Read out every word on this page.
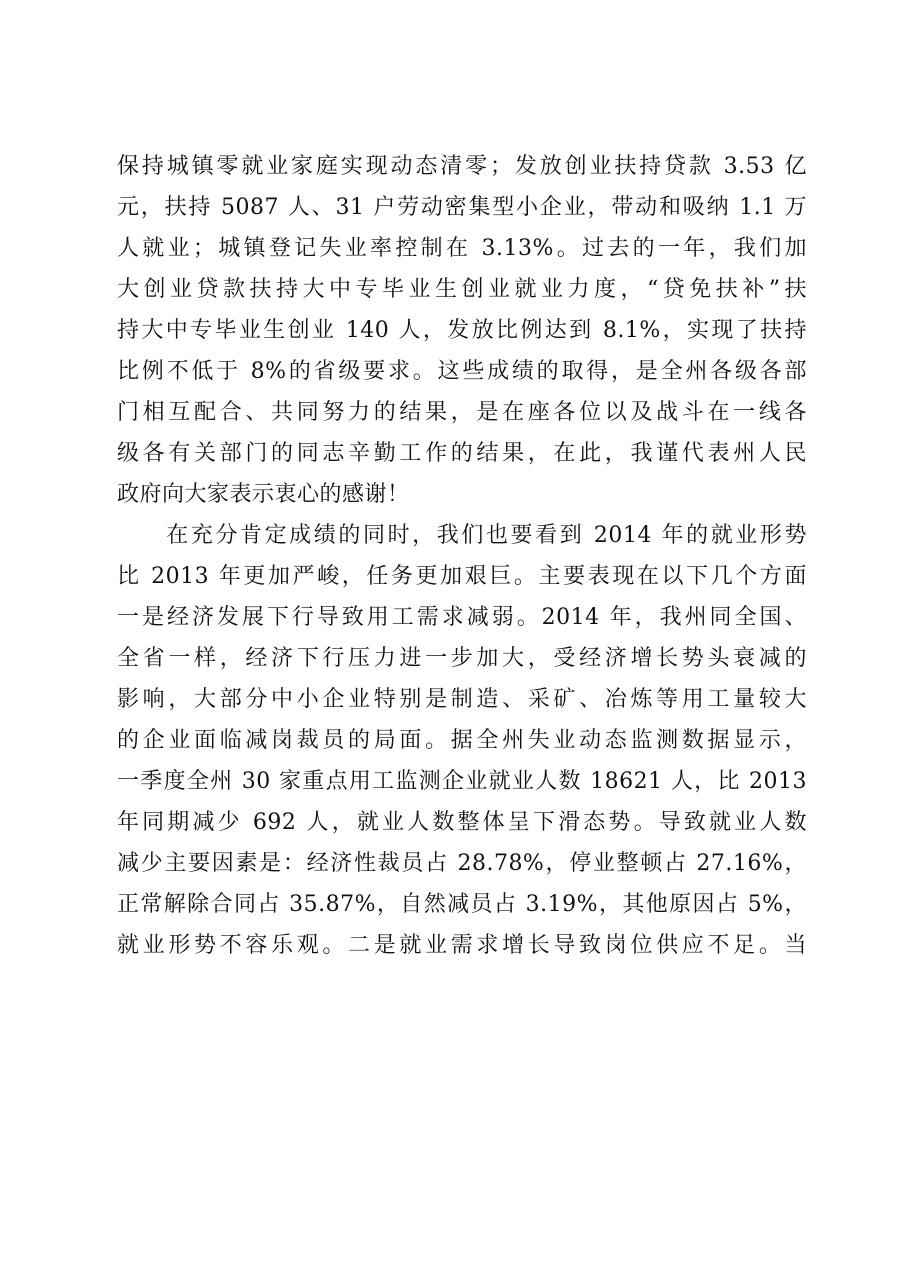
保持城镇零就业家庭实现动态清零；发放创业扶持贷款 3.53 亿
元，扶持 5087 人、31 户劳动密集型小企业，带动和吸纳 1.1 万
人就业；城镇登记失业率控制在 3.13%。过去的一年，我们加
大创业贷款扶持大中专毕业生创业就业力度，“贷免扶补”扶
持大中专毕业生创业 140 人，发放比例达到 8.1%，实现了扶持
比例不低于 8%的省级要求。这些成绩的取得，是全州各级各部
门相互配合、共同努力的结果，是在座各位以及战斗在一线各
级各有关部门的同志辛勤工作的结果，在此，我谨代表州人民
政府向大家表示衷心的感谢！
　　在充分肯定成绩的同时，我们也要看到 2014 年的就业形势
比 2013 年更加严峻，任务更加艰巨。主要表现在以下几个方面
一是经济发展下行导致用工需求减弱。2014 年，我州同全国、
全省一样，经济下行压力进一步加大，受经济增长势头衰减的
影响，大部分中小企业特别是制造、采矿、冶炼等用工量较大
的企业面临减岗裁员的局面。据全州失业动态监测数据显示，
一季度全州 30 家重点用工监测企业就业人数 18621 人，比 2013
年同期减少 692 人，就业人数整体呈下滑态势。导致就业人数
减少主要因素是：经济性裁员占 28.78%，停业整顿占 27.16%，
正常解除合同占 35.87%，自然减员占 3.19%，其他原因占 5%，
就业形势不容乐观。二是就业需求增长导致岗位供应不足。当
